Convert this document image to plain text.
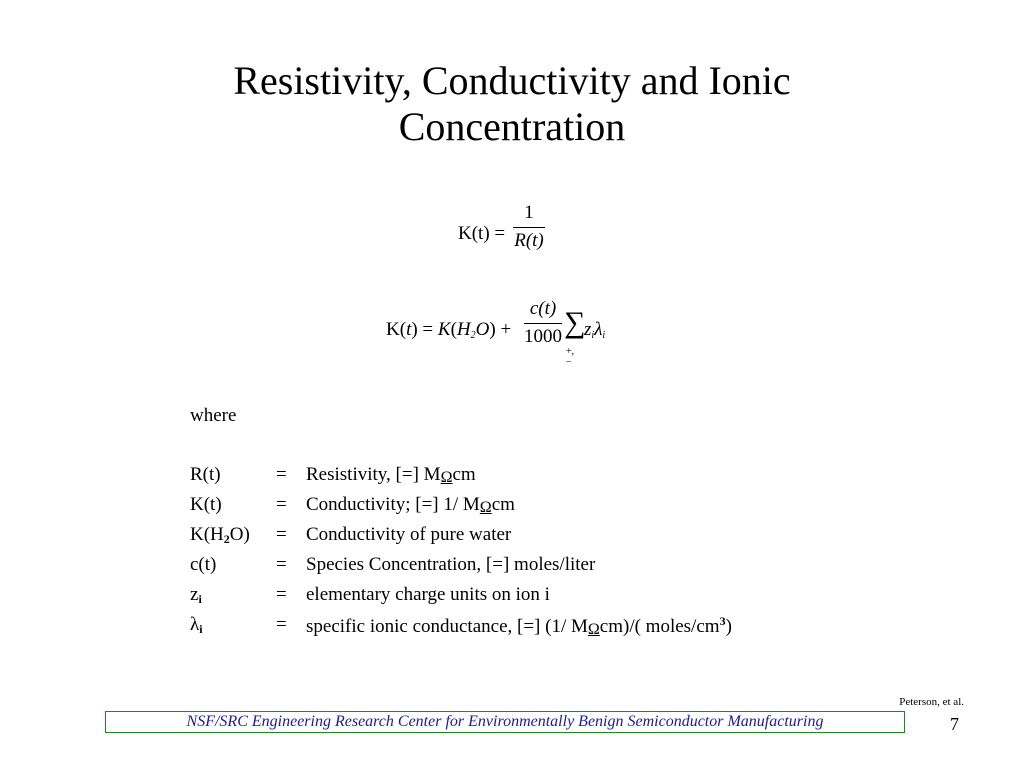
Resistivity, Conductivity and Ionic
Concentration
K(t) =
1
R(t)
K(t) = K(H2O) +
c(t)
1000 ∑
+,−
ziλi
where
R(t)	= Resistivity, [=] MΩcm
K(t)	= Conductivity; [=] 1/ MΩcm
K(H2O) = Conductivity of pure water
c(t)	= Species Concentration, [=] moles/liter
zi	= elementary charge units on ion i
λi	= specific ionic conductance, [=] (1/ MΩcm)/( moles/$cm^3$)
Peterson, et al.
NSF/SRC Engineering Research Center for Environmentally Benign Semiconductor Manufacturing	7
